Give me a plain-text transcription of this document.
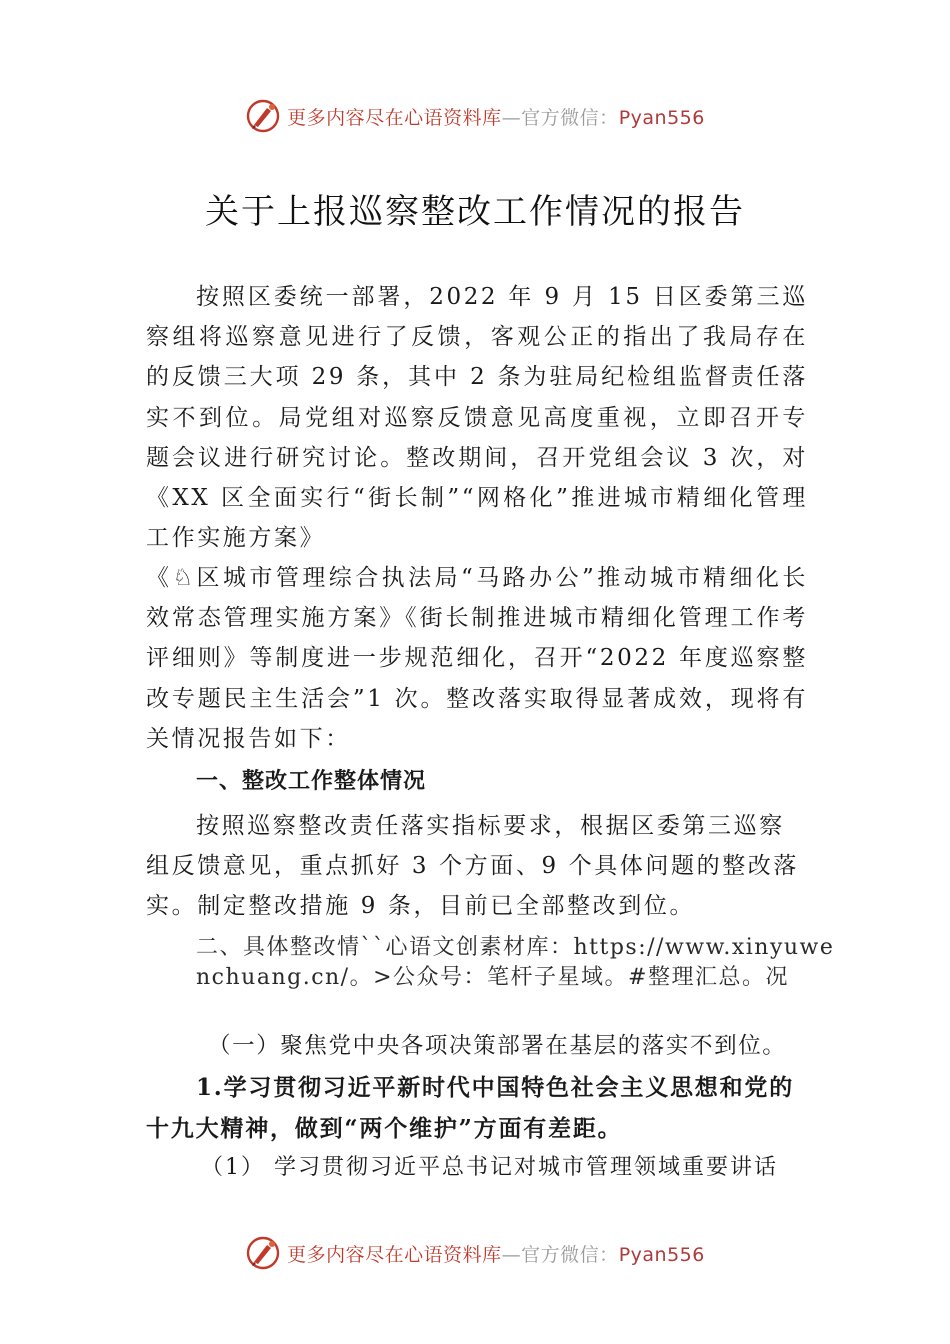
更多内容尽在心语资料库—官方微信：Pyan556
关于上报巡察整改工作情况的报告

按照区委统一部署，2022 年 9 月 15 日区委第三巡察组将巡察意见进行了反馈，客观公正的指出了我局存在的反馈三大项 29 条，其中 2 条为驻局纪检组监督责任落实不到位。局党组对巡察反馈意见高度重视，立即召开专题会议进行研究讨论。整改期间，召开党组会议 3 次，对《XX 区全面实行“街长制”“网格化”推进城市精细化管理工作实施方案》

《♘区城市管理综合执法局“马路办公”推动城市精细化长效常态管理实施方案》《街长制推进城市精细化管理工作考 评细则》等制度进一步规范细化，召开“2022 年度巡察整改专题民主生活会”1 次。整改落实取得显著成效，现将有关情况报告如下：

一、整改工作整体情况

按照巡察整改责任落实指标要求，根据区委第三巡察组反馈意见，重点抓好 3 个方面、9 个具体问题的整改落实。制定整改措施 9 条，目前已全部整改到位。

二、具体整改情``心语文创素材库：https://www.xinyuwenchuang.cn/。>公众号：笔杆子星域。#整理汇总。况

（一）聚焦党中央各项决策部署在基层的落实不到位。

1.学习贯彻习近平新时代中国特色社会主义思想和党的十九大精神，做到“两个维护”方面有差距。

（1） 学习贯彻习近平总书记对城市管理领域重要讲话

更多内容尽在心语资料库—官方微信：Pyan556
